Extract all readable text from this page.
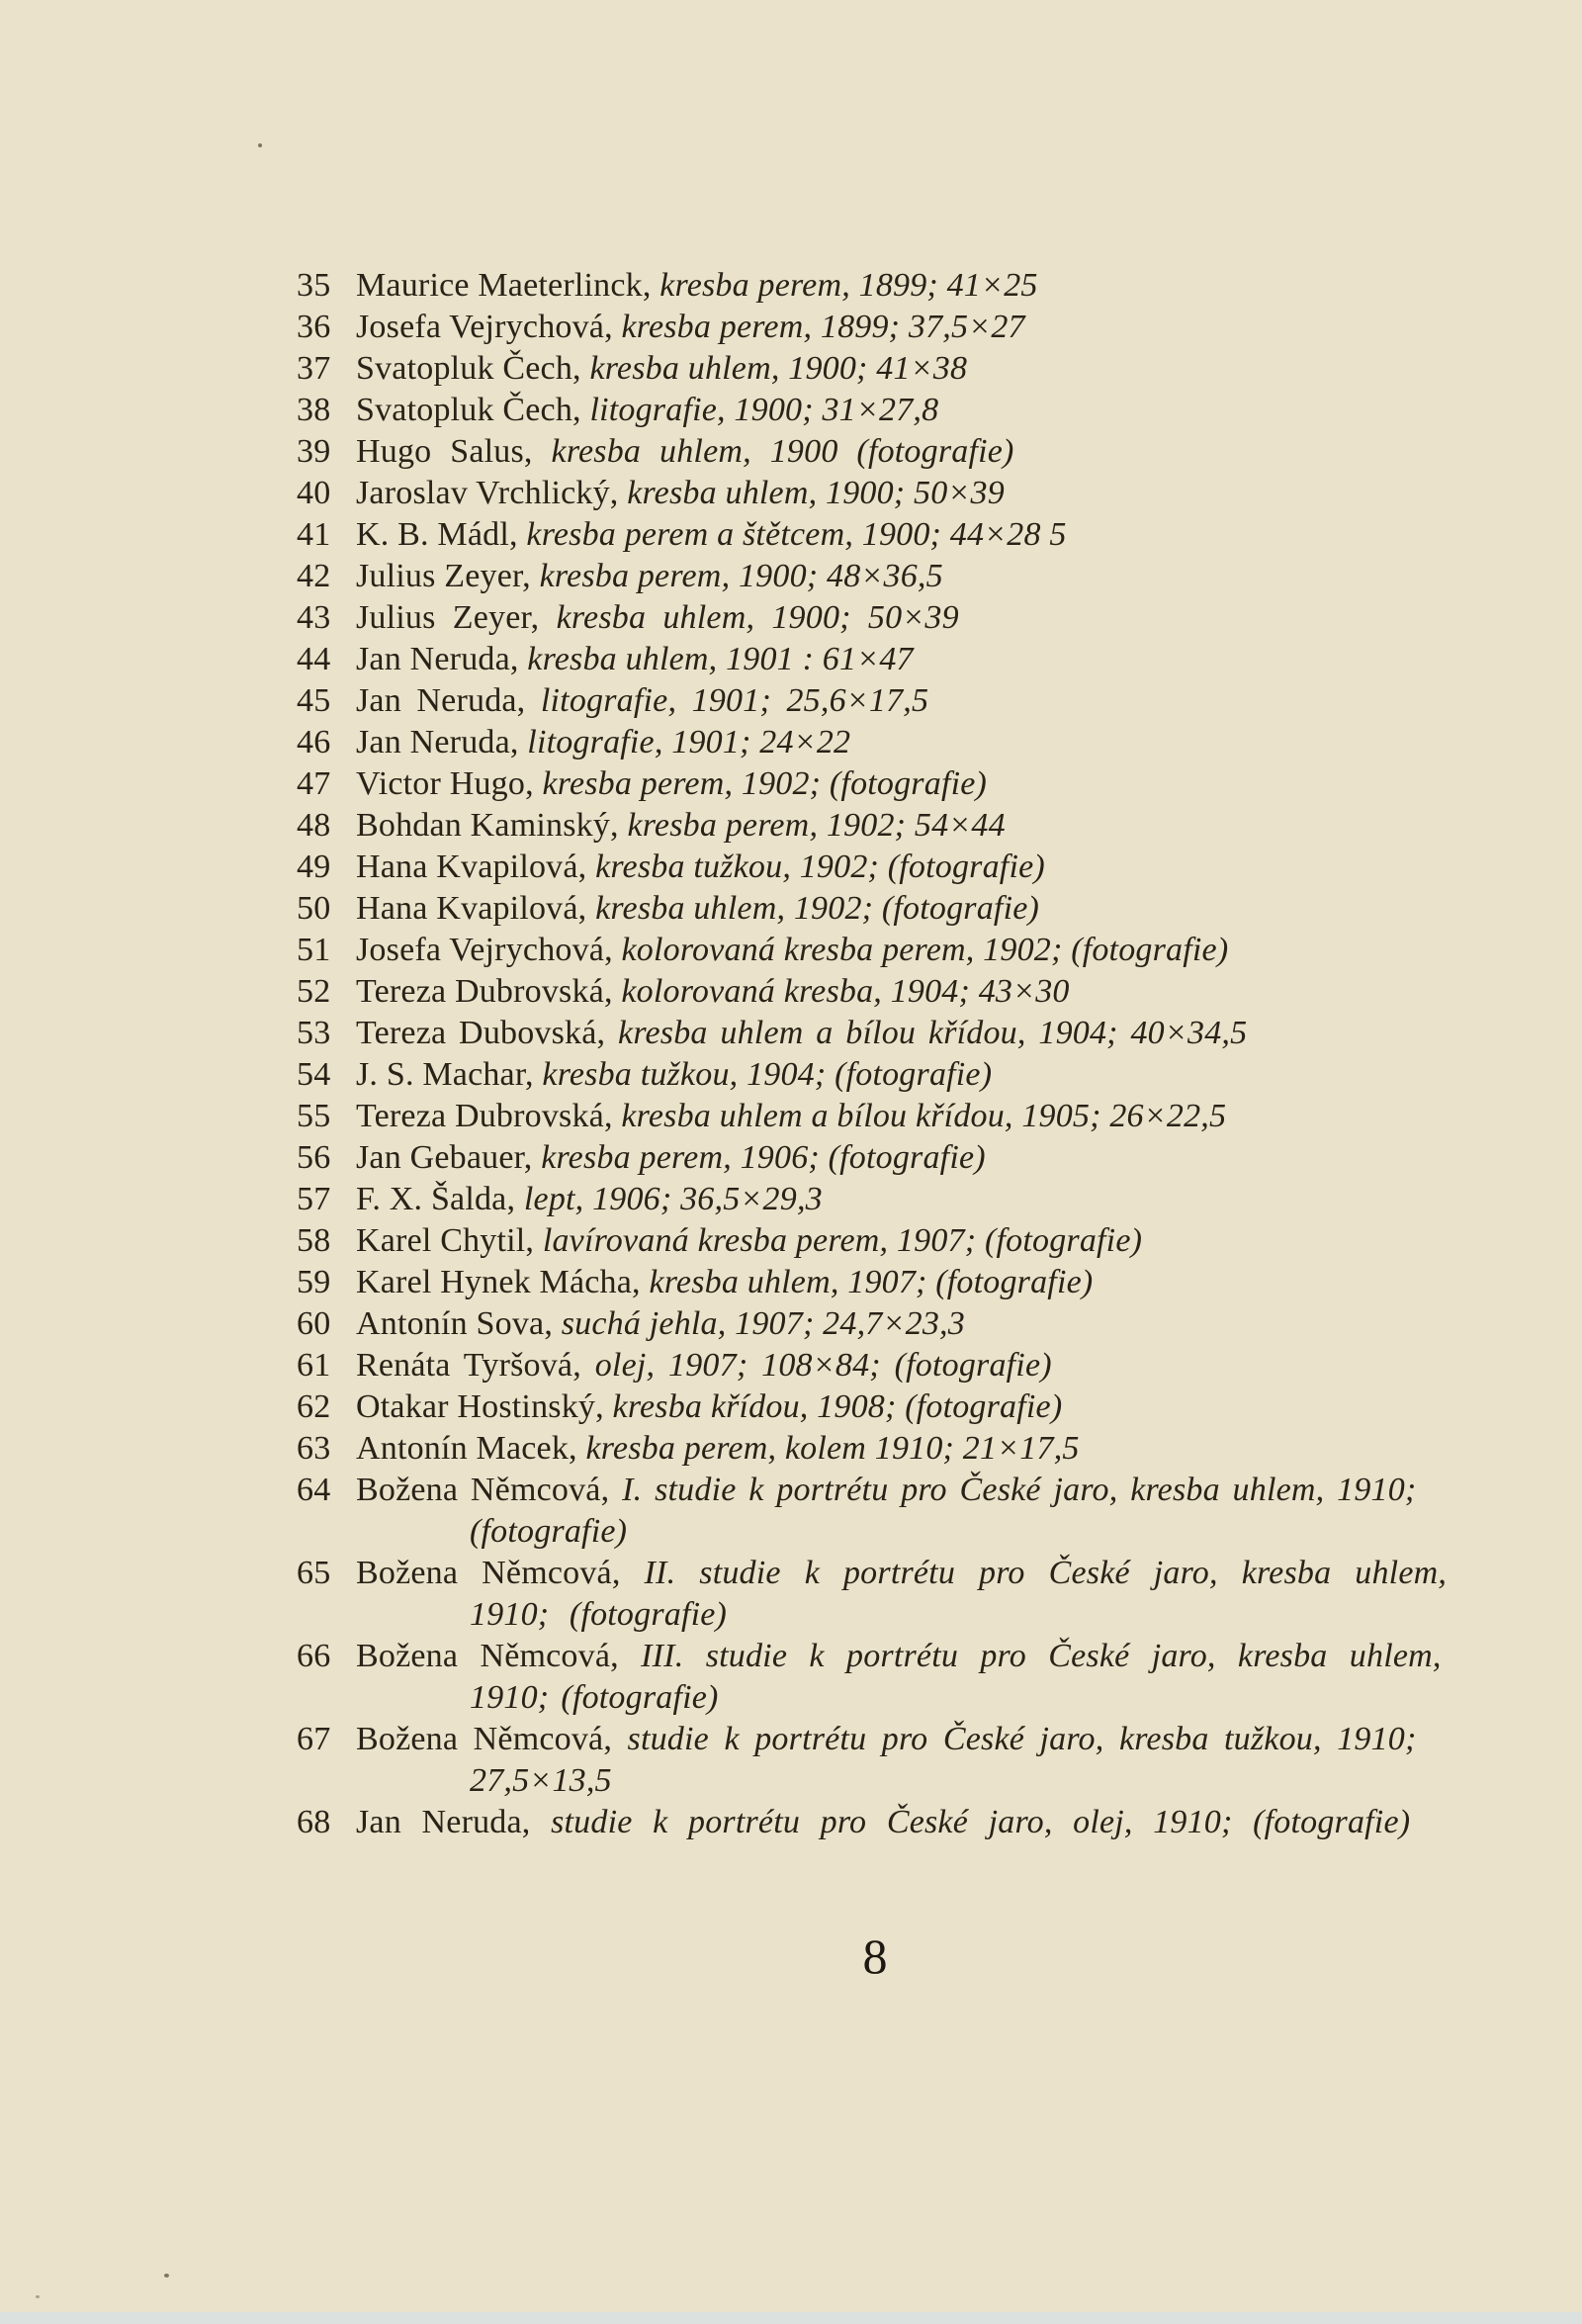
35 Maurice Maeterlinck, kresba perem, 1899; 41×25
36 Josefa Vejrychová, kresba perem, 1899; 37,5×27
37 Svatopluk Čech, kresba uhlem, 1900; 41×38
38 Svatopluk Čech, litografie, 1900; 31×27,8
39 Hugo Salus, kresba uhlem, 1900 (fotografie)
40 Jaroslav Vrchlický, kresba uhlem, 1900; 50×39
41 K. B. Mádl, kresba perem a štětcem, 1900; 44×28 5
42 Julius Zeyer, kresba perem, 1900; 48×36,5
43 Julius Zeyer, kresba uhlem, 1900; 50×39
44 Jan Neruda, kresba uhlem, 1901 : 61×47
45 Jan Neruda, litografie, 1901; 25,6×17,5
46 Jan Neruda, litografie, 1901; 24×22
47 Victor Hugo, kresba perem, 1902; (fotografie)
48 Bohdan Kaminský, kresba perem, 1902; 54×44
49 Hana Kvapilová, kresba tužkou, 1902; (fotografie)
50 Hana Kvapilová, kresba uhlem, 1902; (fotografie)
51 Josefa Vejrychová, kolorovaná kresba perem, 1902; (fotografie)
52 Tereza Dubrovská, kolorovaná kresba, 1904; 43×30
53 Tereza Dubovská, kresba uhlem a bílou křídou, 1904; 40×34,5
54 J. S. Machar, kresba tužkou, 1904; (fotografie)
55 Tereza Dubrovská, kresba uhlem a bílou křídou, 1905; 26×22,5
56 Jan Gebauer, kresba perem, 1906; (fotografie)
57 F. X. Šalda, lept, 1906; 36,5×29,3
58 Karel Chytil, lavírovaná kresba perem, 1907; (fotografie)
59 Karel Hynek Mácha, kresba uhlem, 1907; (fotografie)
60 Antonín Sova, suchá jehla, 1907; 24,7×23,3
61 Renáta Tyršová, olej, 1907; 108×84; (fotografie)
62 Otakar Hostinský, kresba křídou, 1908; (fotografie)
63 Antonín Macek, kresba perem, kolem 1910; 21×17,5
64 Božena Němcová, I. studie k portrétu pro České jaro, kresba uhlem, 1910;
(fotografie)
65 Božena Němcová, II. studie k portrétu pro České jaro, kresba uhlem,
1910; (fotografie)
66 Božena Němcová, III. studie k portrétu pro České jaro, kresba uhlem,
1910; (fotografie)
67 Božena Němcová, studie k portrétu pro České jaro, kresba tužkou, 1910;
27,5×13,5
68 Jan Neruda, studie k portrétu pro České jaro, olej, 1910; (fotografie)
8
